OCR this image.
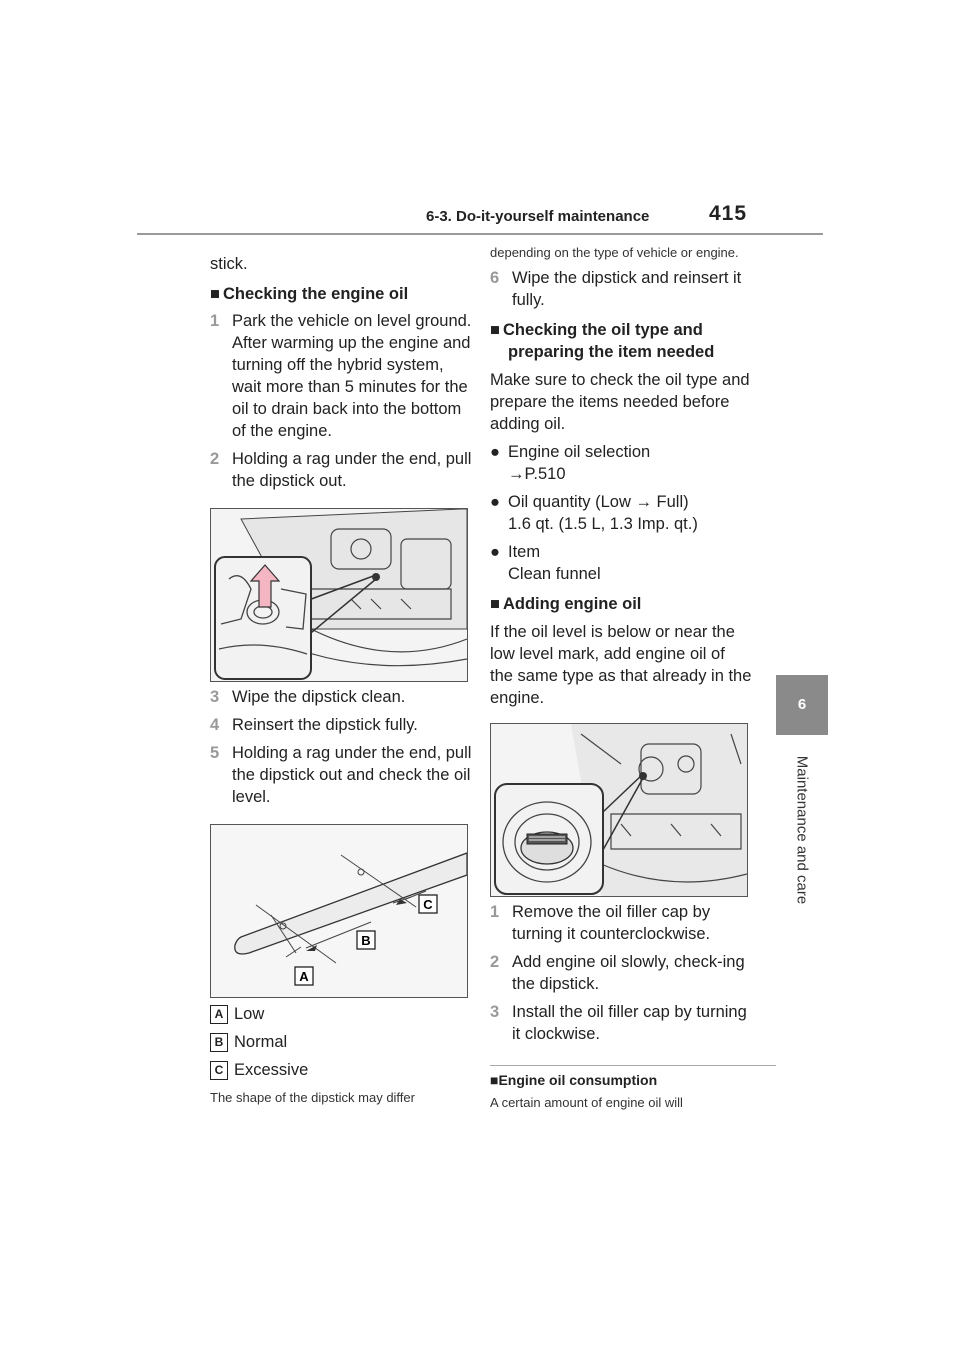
6-3. Do-it-yourself maintenance	415
6
Maintenance and care

stick.

■ Checking the engine oil

1 Park the vehicle on level ground. After warming up the engine and turning off the hybrid system, wait more than 5 minutes for the oil to drain back into the bottom of the engine.
2 Holding a rag under the end, pull the dipstick out.
3 Wipe the dipstick clean.
4 Reinsert the dipstick fully.
5 Holding a rag under the end, pull the dipstick out and check the oil level.
A
B
C
A Low
B Normal
C Excessive

The shape of the dipstick may differ

depending on the type of vehicle or engine.

6 Wipe the dipstick and reinsert it fully.

■ Checking the oil type and preparing the item needed

Make sure to check the oil type and prepare the items needed before adding oil.

● Engine oil selection
→P.510
● Oil quantity (Low → Full)
1.6 qt. (1.5 L, 1.3 Imp. qt.)
● Item
Clean funnel

■ Adding engine oil

If the oil level is below or near the low level mark, add engine oil of the same type as that already in the engine.

1 Remove the oil filler cap by turning it counterclockwise.
2 Add engine oil slowly, check-ing the dipstick.
3 Install the oil filler cap by turning it clockwise.

■Engine oil consumption

A certain amount of engine oil will
